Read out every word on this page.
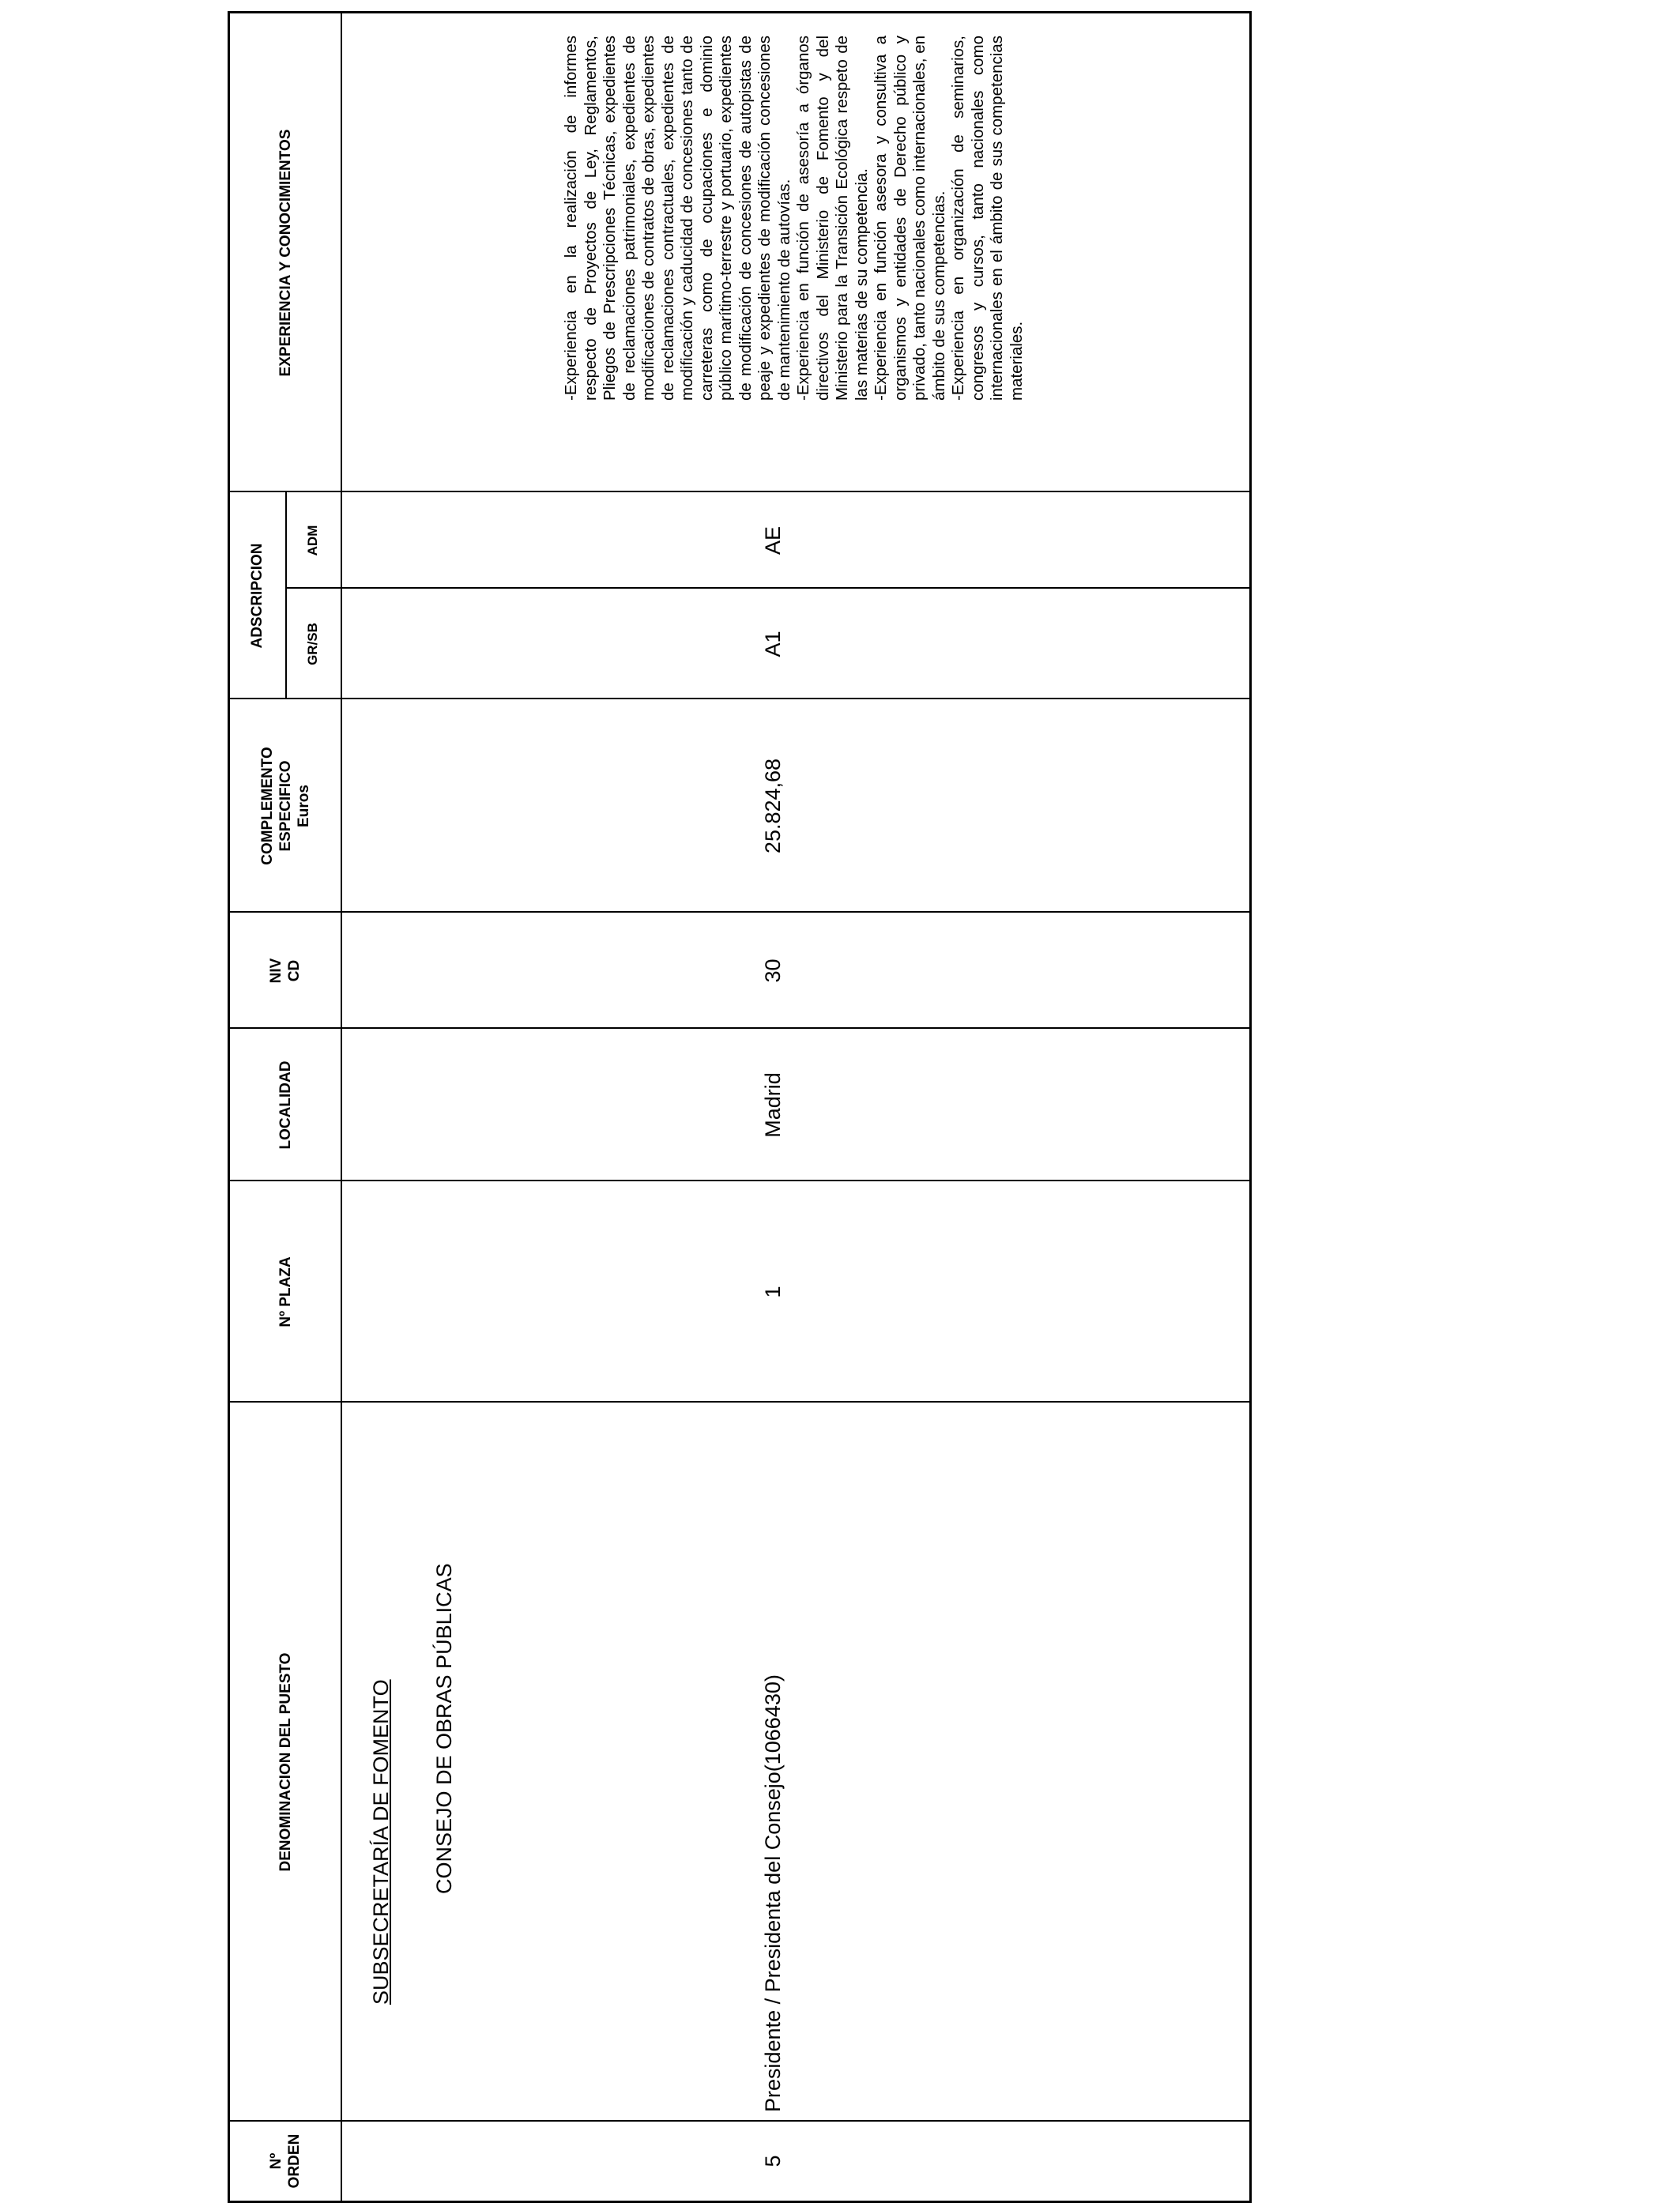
Nº ORDEN
DENOMINACION DEL PUESTO
Nº PLAZA
LOCALIDAD
NIV CD
COMPLEMENTO ESPECIFICO Euros
ADSCRIPCION	GR/SB
ADM
EXPERIENCIA Y CONOCIMIENTOS
SUBSECRETARÍA DE FOMENTO CONSEJO DE OBRAS PÚBLICAS
5
Presidente / Presidenta del Consejo(1066430)
1
Madrid
30
25.824,68
A1
AE

-Experiencia en la realización de informes respecto de Proyectos de Ley, Reglamentos, Pliegos de Prescripciones Técnicas, expedientes de reclamaciones patrimoniales, expedientes de modificaciones de contratos de obras, expedientes de reclamaciones contractuales, expedientes de modificación y caducidad de concesiones tanto de carreteras como de ocupaciones e dominio público marítimo-terrestre y portuario, expedientes de modificación de concesiones de autopistas de peaje y expedientes de modificación concesiones de mantenimiento de autovías. -Experiencia en función de asesoría a órganos directivos del Ministerio de Fomento y del Ministerio para la Transición Ecológica respeto de las materias de su competencia. -Experiencia en función asesora y consultiva a organismos y entidades de Derecho público y privado, tanto nacionales como internacionales, en ámbito de sus competencias. -Experiencia en organización de seminarios, congresos y cursos, tanto nacionales como internacionales en el ámbito de sus competencias materiales.
